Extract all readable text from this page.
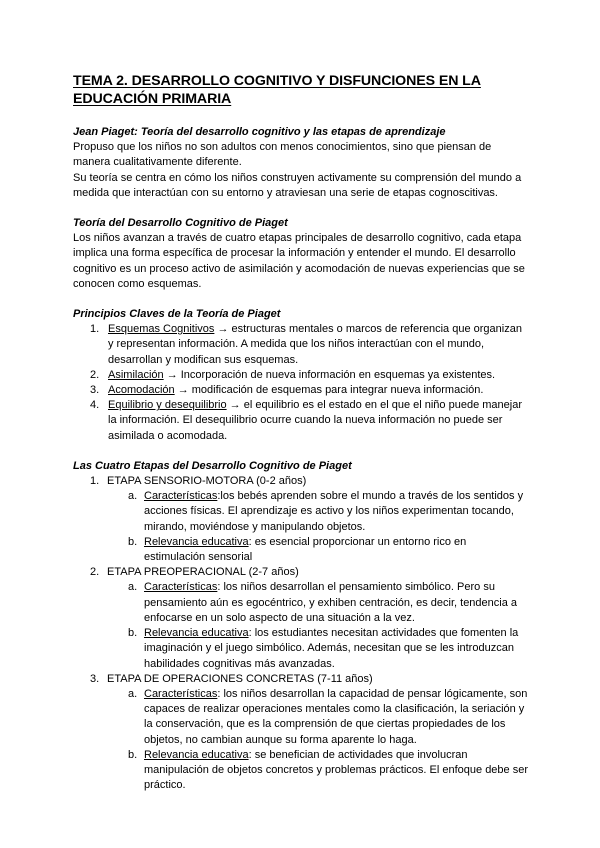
TEMA 2. DESARROLLO COGNITIVO Y DISFUNCIONES EN LA EDUCACIÓN PRIMARIA
Jean Piaget: Teoría del desarrollo cognitivo y las etapas de aprendizaje

Propuso que los niños no son adultos con menos conocimientos, sino que piensan de manera cualitativamente diferente.

Su teoría se centra en cómo los niños construyen activamente su comprensión del mundo a medida que interactúan con su entorno y atraviesan una serie de etapas cognoscitivas.

Teoría del Desarrollo Cognitivo de Piaget

Los niños avanzan a través de cuatro etapas principales de desarrollo cognitivo, cada etapa implica una forma específica de procesar la información y entender el mundo. El desarrollo cognitivo es un proceso activo de asimilación y acomodación de nuevas experiencias que se conocen como esquemas.

Principios Claves de la Teoría de Piaget
1. Esquemas Cognitivos → estructuras mentales o marcos de referencia que organizan y representan información. A medida que los niños interactúan con el mundo, desarrollan y modifican sus esquemas.
2. Asimilación → Incorporación de nueva información en esquemas ya existentes.
3. Acomodación → modificación de esquemas para integrar nueva información.
4. Equilibrio y desequilibrio → el equilibrio es el estado en el que el niño puede manejar la información. El desequilibrio ocurre cuando la nueva información no puede ser asimilada o acomodada.
Las Cuatro Etapas del Desarrollo Cognitivo de Piaget
1. ETAPA SENSORIO-MOTORA (0-2 años)
a. Características:los bebés aprenden sobre el mundo a través de los sentidos y acciones físicas. El aprendizaje es activo y los niños experimentan tocando, mirando, moviéndose y manipulando objetos.
b. Relevancia educativa: es esencial proporcionar un entorno rico en estimulación sensorial
2. ETAPA PREOPERACIONAL (2-7 años)
a. Características: los niños desarrollan el pensamiento simbólico. Pero su pensamiento aún es egocéntrico, y exhiben centración, es decir, tendencia a enfocarse en un solo aspecto de una situación a la vez.
b. Relevancia educativa: los estudiantes necesitan actividades que fomenten la imaginación y el juego simbólico. Además, necesitan que se les introduzcan habilidades cognitivas más avanzadas.
3. ETAPA DE OPERACIONES CONCRETAS (7-11 años)
a. Características: los niños desarrollan la capacidad de pensar lógicamente, son capaces de realizar operaciones mentales como la clasificación, la seriación y la conservación, que es la comprensión de que ciertas propiedades de los objetos, no cambian aunque su forma aparente lo haga.
b. Relevancia educativa: se benefician de actividades que involucran manipulación de objetos concretos y problemas prácticos. El enfoque debe ser práctico.
